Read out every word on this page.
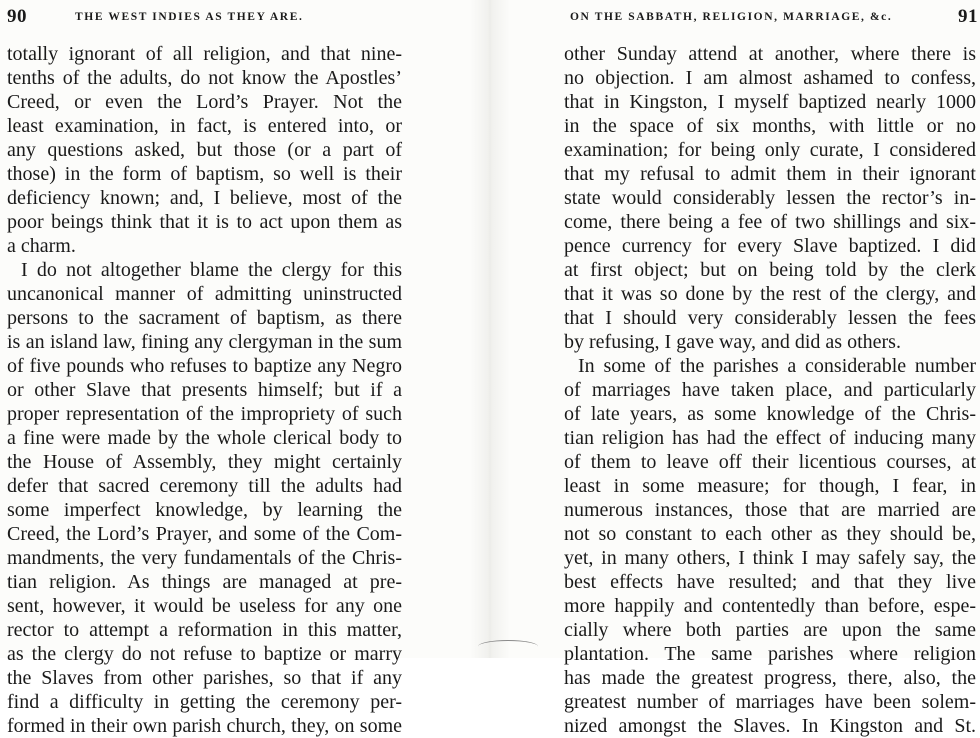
90	THE WEST INDIES AS THEY ARE.
totally ignorant of all religion, and that nine-
tenths of the adults, do not know the Apostles’
Creed, or even the Lord’s Prayer. Not the
least examination, in fact, is entered into, or
any questions asked, but those (or a part of
those) in the form of baptism, so well is their
deficiency known; and, I believe, most of the
poor beings think that it is to act upon them as
a charm.
I do not altogether blame the clergy for this
uncanonical manner of admitting uninstructed
persons to the sacrament of baptism, as there
is an island law, fining any clergyman in the sum
of five pounds who refuses to baptize any Negro
or other Slave that presents himself; but if a
proper representation of the impropriety of such
a fine were made by the whole clerical body to
the House of Assembly, they might certainly
defer that sacred ceremony till the adults had
some imperfect knowledge, by learning the
Creed, the Lord’s Prayer, and some of the Com-
mandments, the very fundamentals of the Chris-
tian religion. As things are managed at pre-
sent, however, it would be useless for any one
rector to attempt a reformation in this matter,
as the clergy do not refuse to baptize or marry
the Slaves from other parishes, so that if any
find a difficulty in getting the ceremony per-
formed in their own parish church, they, on some
ON THE SABBATH, RELIGION, MARRIAGE, &c.	91
other Sunday attend at another, where there is
no objection. I am almost ashamed to confess,
that in Kingston, I myself baptized nearly 1000
in the space of six months, with little or no
examination; for being only curate, I considered
that my refusal to admit them in their ignorant
state would considerably lessen the rector’s in-
come, there being a fee of two shillings and six-
pence currency for every Slave baptized. I did
at first object; but on being told by the clerk
that it was so done by the rest of the clergy, and
that I should very considerably lessen the fees
by refusing, I gave way, and did as others.
In some of the parishes a considerable number
of marriages have taken place, and particularly
of late years, as some knowledge of the Chris-
tian religion has had the effect of inducing many
of them to leave off their licentious courses, at
least in some measure; for though, I fear, in
numerous instances, those that are married are
not so constant to each other as they should be,
yet, in many others, I think I may safely say, the
best effects have resulted; and that they live
more happily and contentedly than before, espe-
cially where both parties are upon the same
plantation. The same parishes where religion
has made the greatest progress, there, also, the
greatest number of marriages have been solem-
nized amongst the Slaves. In Kingston and St.
